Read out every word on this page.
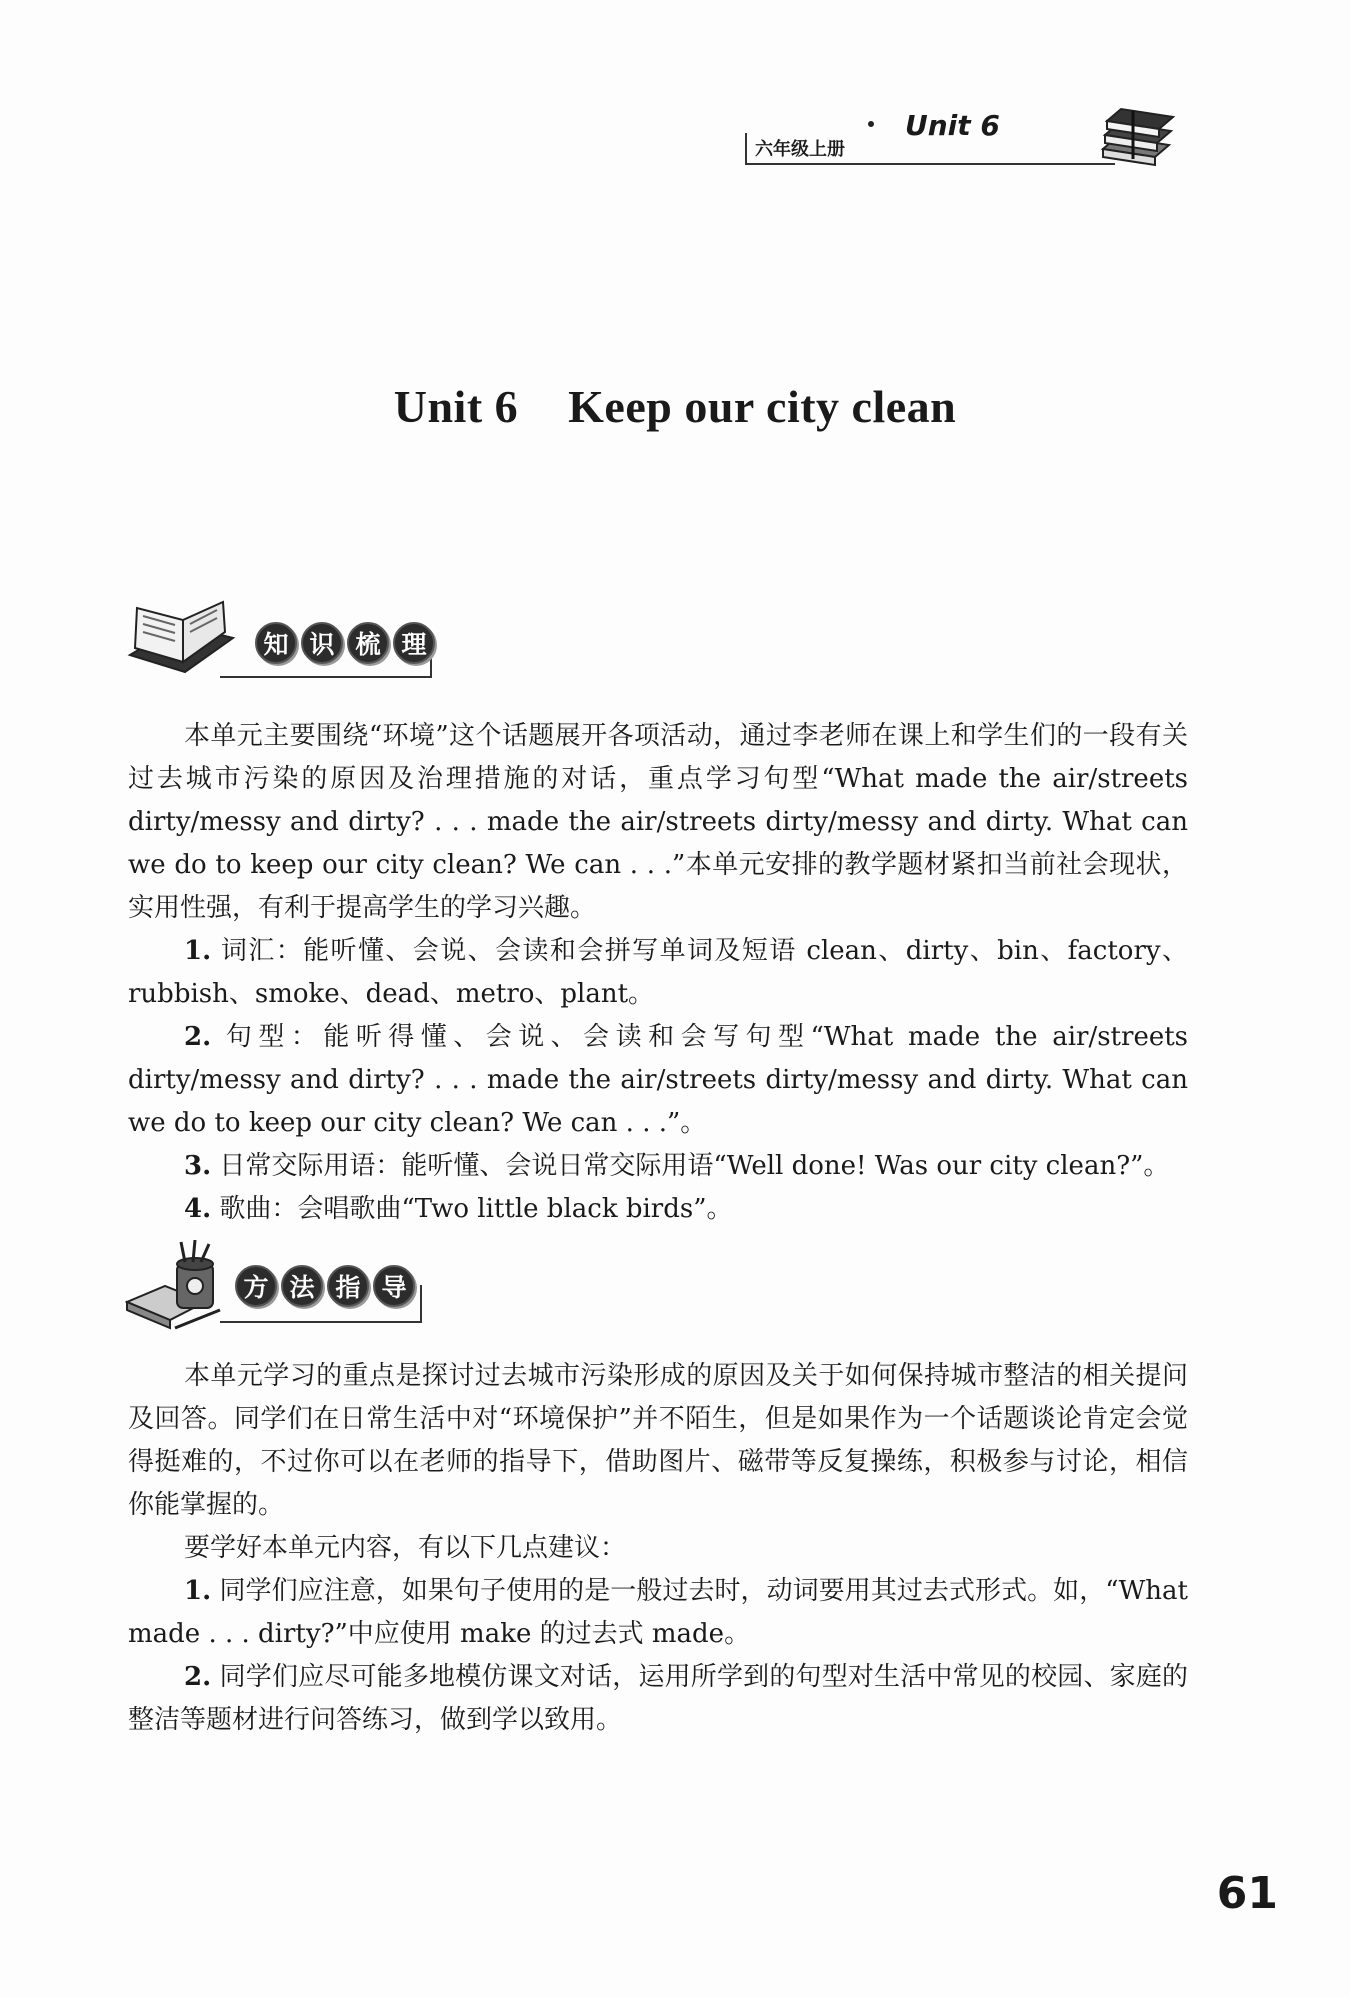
六年级上册
Unit 6
Unit 6 Keep our city clean
知 识 梳 理

本单元主要围绕“环境”这个话题展开各项活动，通过李老师在课上和学生们的一段有关过去城市污染的原因及治理措施的对话，重点学习句型“What made the air/streets dirty/messy and dirty? . . . made the air/streets dirty/messy and dirty. What can we do to keep our city clean? We can . . .”本单元安排的教学题材紧扣当前社会现状，实用性强，有利于提高学生的学习兴趣。

1. 词汇：能听懂、会说、会读和会拼写单词及短语 clean、dirty、bin、factory、rubbish、smoke、dead、metro、plant。

2. 句型：能听得懂、会说、会读和会写句型“What made the air/streets dirty/messy and dirty? . . . made the air/streets dirty/messy and dirty. What can we do to keep our city clean? We can . . .”。

3. 日常交际用语：能听懂、会说日常交际用语“Well done! Was our city clean?”。

4. 歌曲：会唱歌曲“Two little black birds”。

方 法 指 导

本单元学习的重点是探讨过去城市污染形成的原因及关于如何保持城市整洁的相关提问及回答。同学们在日常生活中对“环境保护”并不陌生，但是如果作为一个话题谈论肯定会觉得挺难的，不过你可以在老师的指导下，借助图片、磁带等反复操练，积极参与讨论，相信你能掌握的。

要学好本单元内容，有以下几点建议：

1. 同学们应注意，如果句子使用的是一般过去时，动词要用其过去式形式。如，“What made . . . dirty?”中应使用 make 的过去式 made。

2. 同学们应尽可能多地模仿课文对话，运用所学到的句型对生活中常见的校园、家庭的整洁等题材进行问答练习，做到学以致用。

61
